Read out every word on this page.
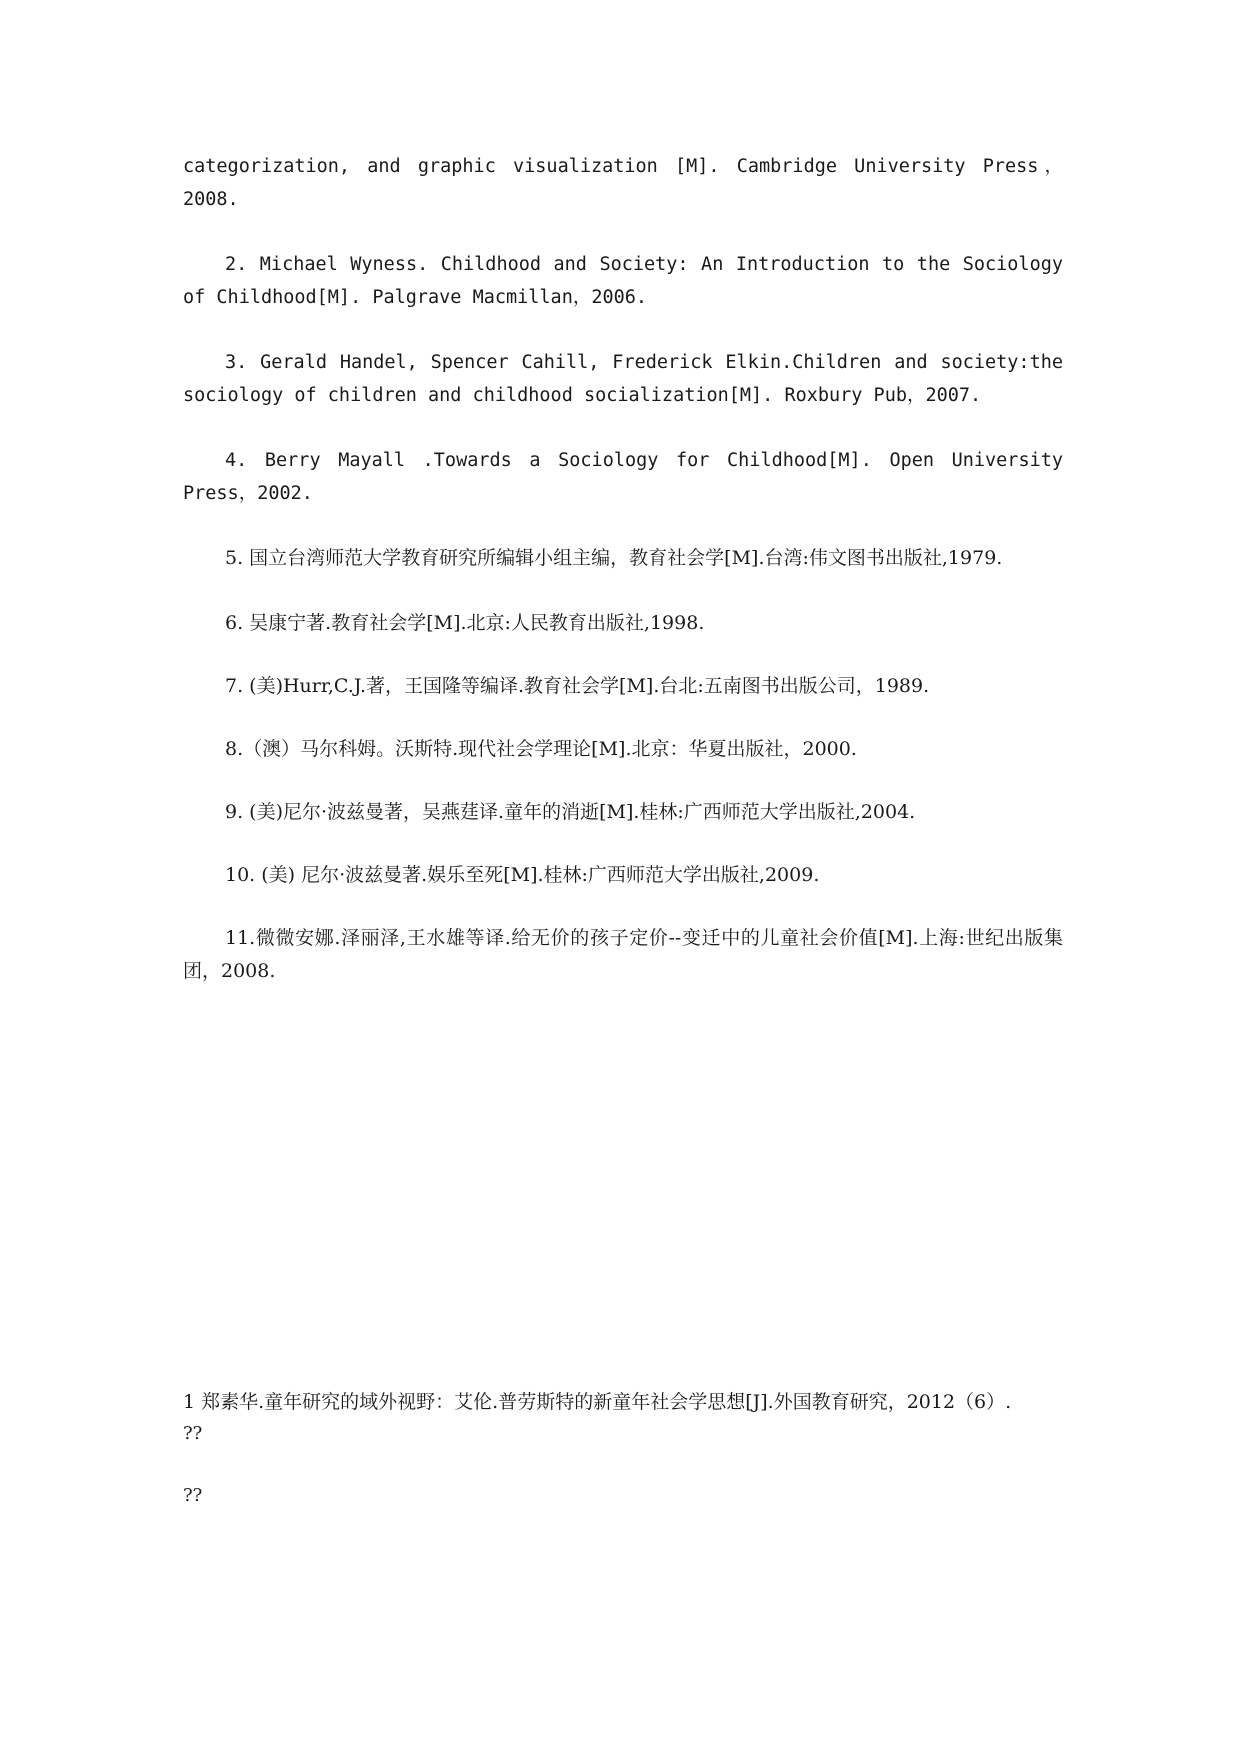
categorization, and graphic visualization [M]. Cambridge University Press，2008.

2. Michael Wyness. Childhood and Society: An Introduction to the Sociology of Childhood[M]. Palgrave Macmillan，2006.

3. Gerald Handel, Spencer Cahill, Frederick Elkin.Children and society:the sociology of children and childhood socialization[M]. Roxbury Pub，2007.

4. Berry Mayall .Towards a Sociology for Childhood[M]. Open University Press，2002.

5. 国立台湾师范大学教育研究所编辑小组主编，教育社会学[M].台湾:伟文图书出版社,1979.

6. 吴康宁著.教育社会学[M].北京:人民教育出版社,1998.

7. (美)Hurr,C.J.著，王国隆等编译.教育社会学[M].台北:五南图书出版公司，1989.

8.（澳）马尔科姆。沃斯特.现代社会学理论[M].北京：华夏出版社，2000.

9. (美)尼尔·波兹曼著，吴燕莛译.童年的消逝[M].桂林:广西师范大学出版社,2004.

10. (美) 尼尔·波兹曼著.娱乐至死[M].桂林:广西师范大学出版社,2009.

11.微微安娜.泽丽泽,王水雄等译.给无价的孩子定价--变迁中的儿童社会价值[M].上海:世纪出版集团，2008.

1 郑素华.童年研究的域外视野：艾伦.普劳斯特的新童年社会学思想[J].外国教育研究，2012（6）.

??

??
